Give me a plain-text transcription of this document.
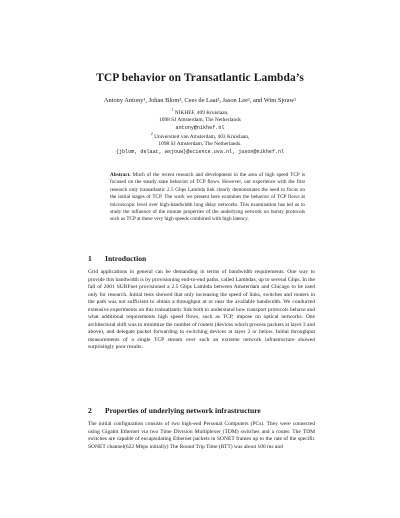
TCP behavior on Transatlantic Lambda’s
Antony Antony¹, Johan Blom², Cees de Laat², Jason Lee², and Wim Sjouw²
$^1$ NIKHEF, 409 Kruislaan,
1098 SJ Amsterdam, The Netherlands
antony@nikhef.nl
$^2$ Universiteit van Amsterdam, 403 Kruislaan,
1098 SJ Amsterdam, The Netherlands.
{jblom, delaat, wsjouw}@science.uva.nl, jason@nikhef.nl
Abstract. Much of the recent research and development in the area of high speed TCP is focused on the steady state behavior of TCP flows. However, our experience with the first research only transatlantic 2.5 Gbps Lambda link clearly demonstrates the need to focus on the initial stages of TCP. The work we present here examines the behavior of TCP flows at microscopic level over high-bandwidth long delay networks. This examination has led us to study the influence of the minute properties of the underlying network on bursty protocols such as TCP at these very high speeds combined with high latency.
1 Introduction
Grid applications in general can be demanding in terms of bandwidth requirements. One way to provide this bandwidth is by provisioning end-to-end paths, called Lambdas, up to several Gbps. In the fall of 2001 SURFnet provisioned a 2.5 Gbps Lambda between Amsterdam and Chicago to be used only for research. Initial tests showed that only increasing the speed of links, switches and routers in the path was not sufficient to obtain a throughput at or near the available bandwidth. We conducted extensive experiments on this transatlantic link both to understand how transport protocols behave and what additional requirements high speed flows, such as TCP, impose on optical networks. One architectural shift was to minimize the number of routers (devices which process packets at layer 3 and above), and delegate packet forwarding to switching devices at layer 2 or below. Initial throughput measurements of a single TCP stream over such an extreme network infrastructure showed surprisingly poor results.
2 Properties of underlying network infrastructure
The initial configuration consists of two high-end Personal Computers (PCs). They were connected using Gigabit Ethernet via two Time Division Multiplexer (TDM) switches and a router. The TDM switches are capable of encapsulating Ethernet packets in SONET frames up to the rate of the specific SONET channel(622 Mbps initially) The Round Trip Time (RTT) was about 100 ms and
